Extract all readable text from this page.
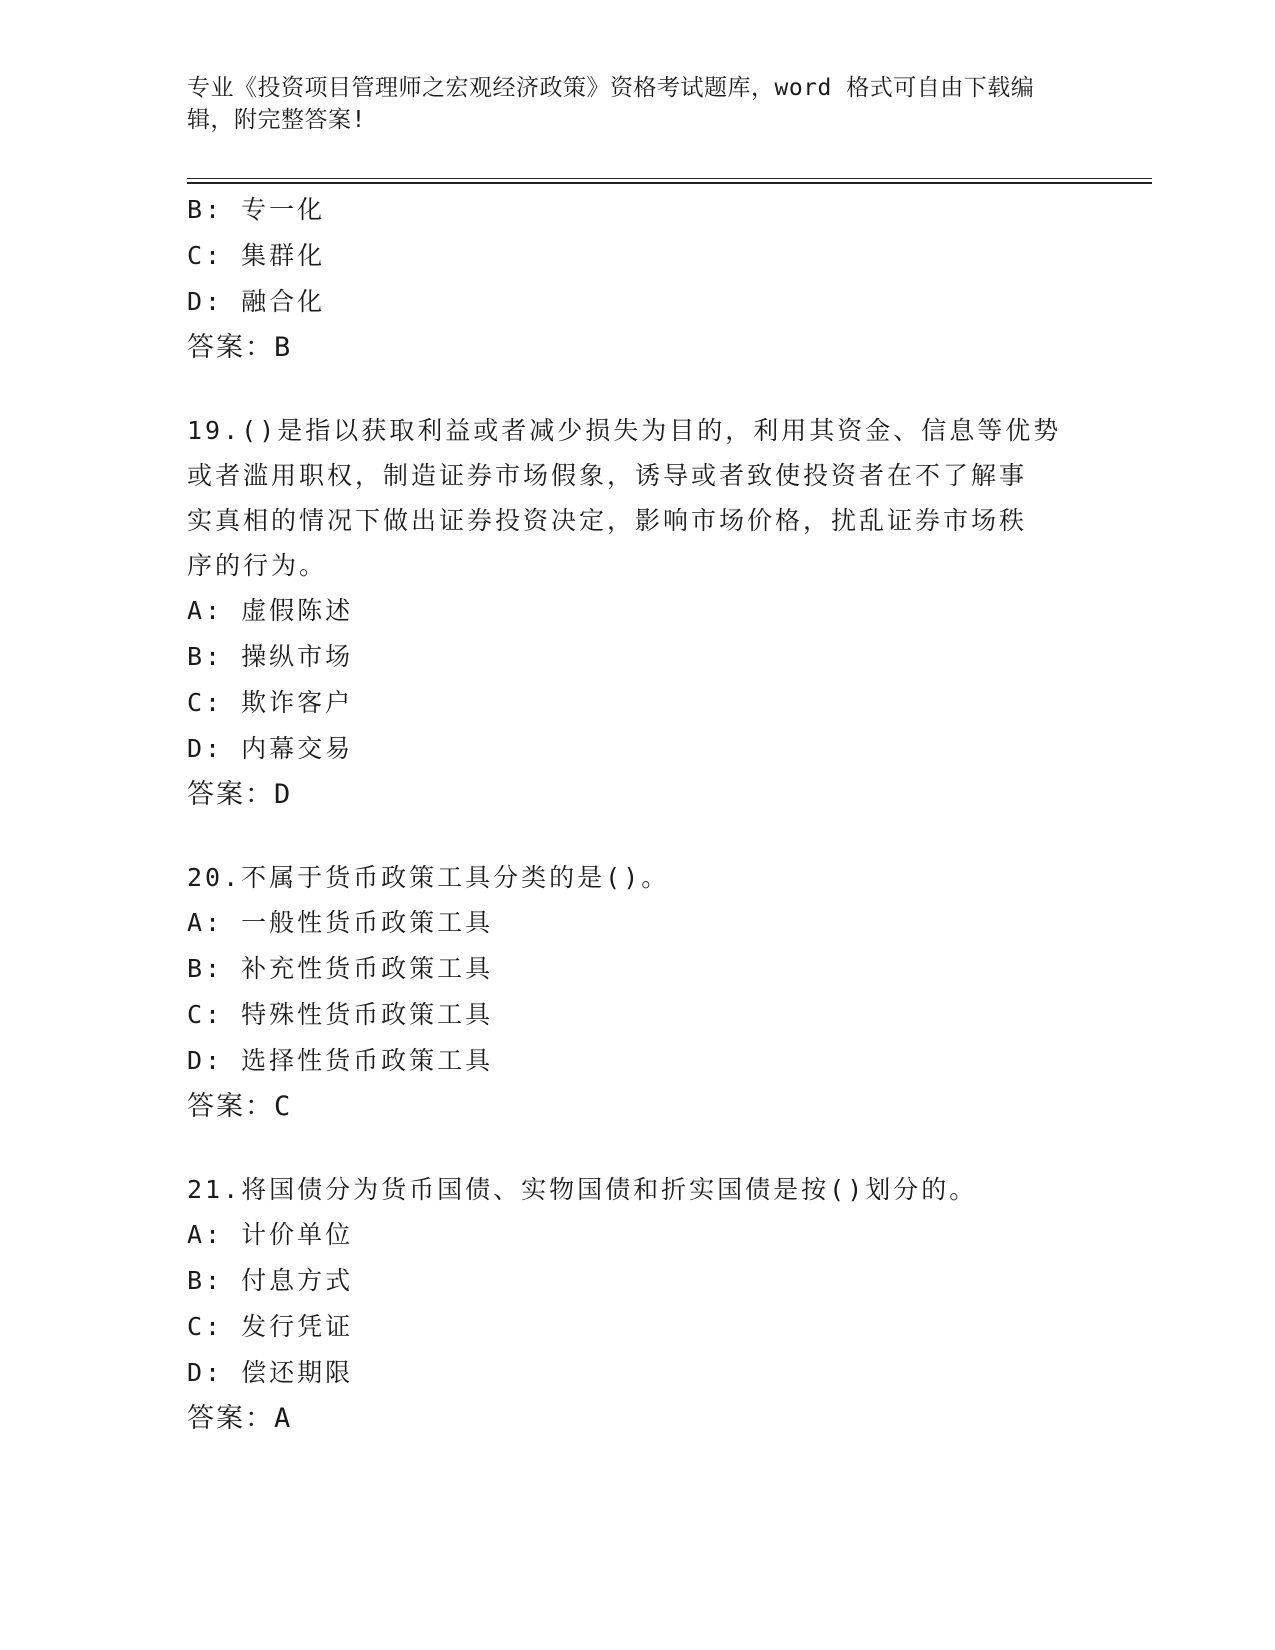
专业《投资项目管理师之宏观经济政策》资格考试题库，word 格式可自由下载编
辑，附完整答案!
B: 专一化
C: 集群化
D: 融合化
答案：B
19.()是指以获取利益或者减少损失为目的，利用其资金、信息等优势
或者滥用职权，制造证券市场假象，诱导或者致使投资者在不了解事
实真相的情况下做出证券投资决定，影响市场价格，扰乱证券市场秩
序的行为。
A: 虚假陈述
B: 操纵市场
C: 欺诈客户
D: 内幕交易
答案：D
20.不属于货币政策工具分类的是()。
A: 一般性货币政策工具
B: 补充性货币政策工具
C: 特殊性货币政策工具
D: 选择性货币政策工具
答案：C
21.将国债分为货币国债、实物国债和折实国债是按()划分的。
A: 计价单位
B: 付息方式
C: 发行凭证
D: 偿还期限
答案：A
